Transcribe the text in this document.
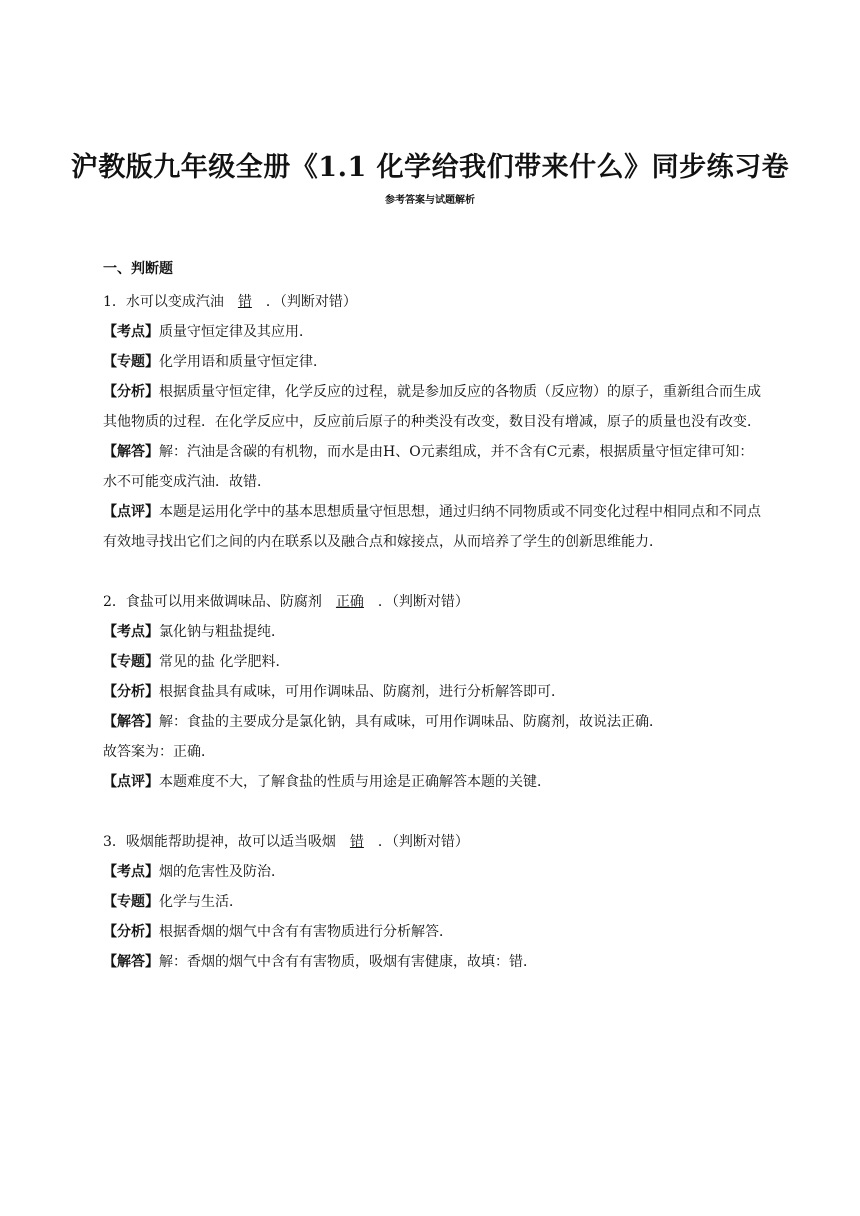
沪教版九年级全册《1.1 化学给我们带来什么》同步练习卷
参考答案与试题解析
一、判断题
1．水可以变成汽油 错 ．（判断对错）
【考点】质量守恒定律及其应用．
【专题】化学用语和质量守恒定律．
【分析】根据质量守恒定律，化学反应的过程，就是参加反应的各物质（反应物）的原子，重新组合而生成其他物质的过程．在化学反应中，反应前后原子的种类没有改变，数目没有增减，原子的质量也没有改变．
【解答】解：汽油是含碳的有机物，而水是由H、O元素组成，并不含有C元素，根据质量守恒定律可知：水不可能变成汽油．故错．
【点评】本题是运用化学中的基本思想质量守恒思想，通过归纳不同物质或不同变化过程中相同点和不同点有效地寻找出它们之间的内在联系以及融合点和嫁接点，从而培养了学生的创新思维能力．
2．食盐可以用来做调味品、防腐剂 正确 ．（判断对错）
【考点】氯化钠与粗盐提纯．
【专题】常见的盐 化学肥料．
【分析】根据食盐具有咸味，可用作调味品、防腐剂，进行分析解答即可．
【解答】解：食盐的主要成分是氯化钠，具有咸味，可用作调味品、防腐剂，故说法正确．
故答案为：正确．
【点评】本题难度不大，了解食盐的性质与用途是正确解答本题的关键．
3．吸烟能帮助提神，故可以适当吸烟 错 ．（判断对错）
【考点】烟的危害性及防治．
【专题】化学与生活．
【分析】根据香烟的烟气中含有有害物质进行分析解答．
【解答】解：香烟的烟气中含有有害物质，吸烟有害健康，故填：错．
